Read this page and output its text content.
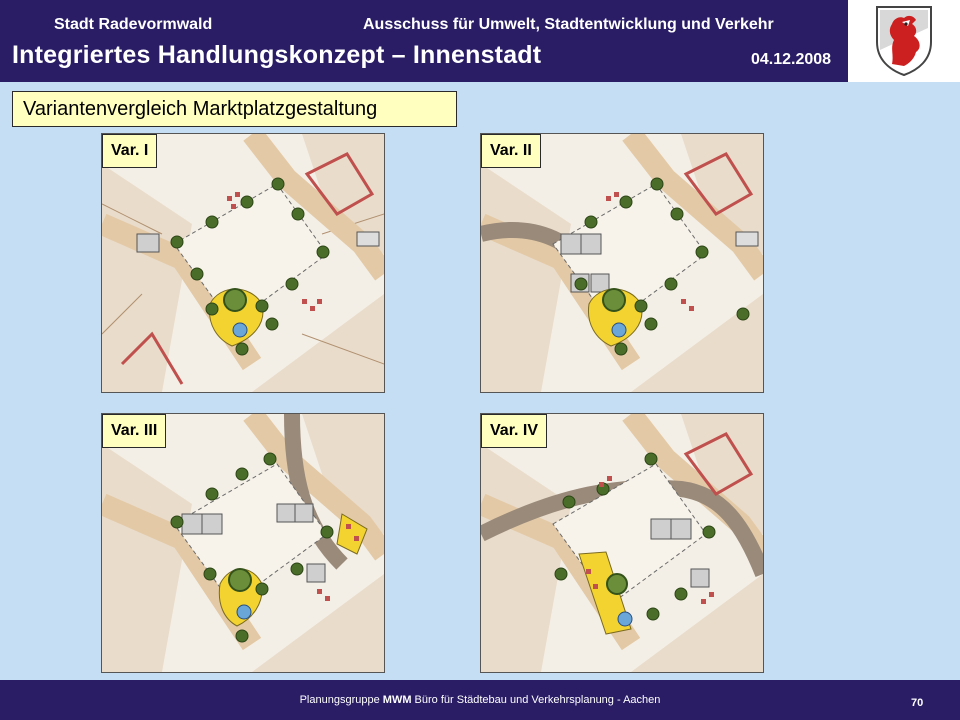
Stadt Radevormwald	Ausschuss für Umwelt, Stadtentwicklung und Verkehr
Integriertes Handlungskonzept – Innenstadt	04.12.2008
Variantenvergleich Marktplatzgestaltung
Var. I	Var. II
Var. III	Var. IV
Planungsgruppe MWM Büro für Städtebau und Verkehrsplanung - Aachen	70
